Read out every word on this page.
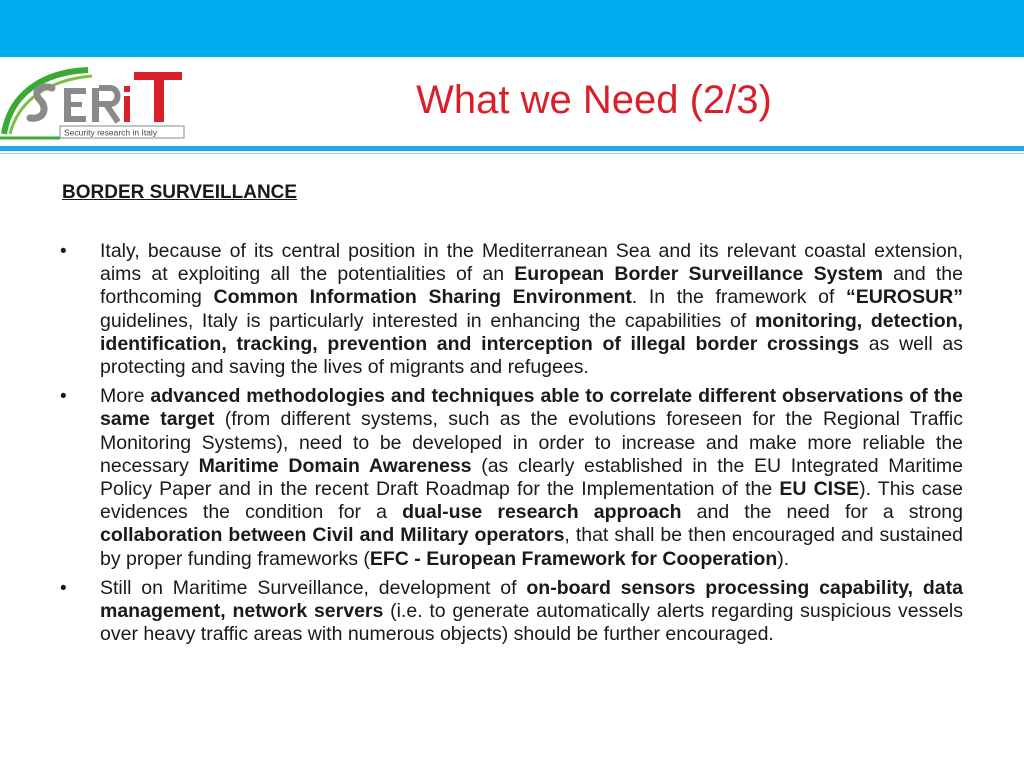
Security research in Italy
What we Need (2/3)
BORDER SURVEILLANCE
• Italy, because of its central position in the Mediterranean Sea and its relevant coastal extension, aims at exploiting all the potentialities of an European Border Surveillance System and the forthcoming Common Information Sharing Environment. In the framework of “EUROSUR” guidelines, Italy is particularly interested in enhancing the capabilities of monitoring, detection, identification, tracking, prevention and interception of illegal border crossings as well as protecting and saving the lives of migrants and refugees.
• More advanced methodologies and techniques able to correlate different observations of the same target (from different systems, such as the evolutions foreseen for the Regional Traffic Monitoring Systems), need to be developed in order to increase and make more reliable the necessary Maritime Domain Awareness (as clearly established in the EU Integrated Maritime Policy Paper and in the recent Draft Roadmap for the Implementation of the EU CISE). This case evidences the condition for a dual-use research approach and the need for a strong collaboration between Civil and Military operators, that shall be then encouraged and sustained by proper funding frameworks (EFC - European Framework for Cooperation).
• Still on Maritime Surveillance, development of on-board sensors processing capability, data management, network servers (i.e. to generate automatically alerts regarding suspicious vessels over heavy traffic areas with numerous objects) should be further encouraged.
